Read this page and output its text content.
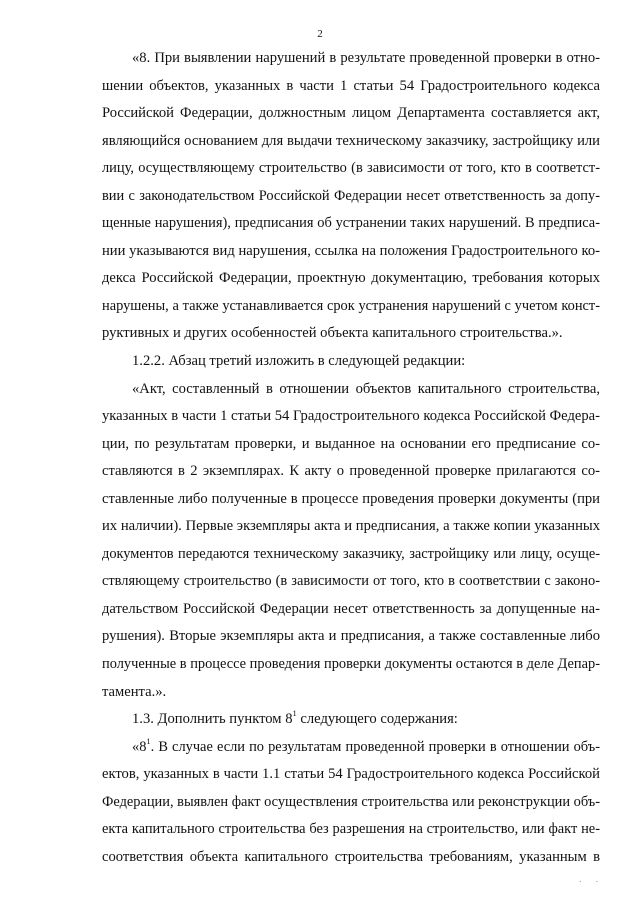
2
«8. При выявлении нарушений в результате проведенной проверки в отно-
шении объектов, указанных в части 1 статьи 54 Градостроительного кодекса
Российской Федерации, должностным лицом Департамента составляется акт,
являющийся основанием для выдачи техническому заказчику, застройщику или
лицу, осуществляющему строительство (в зависимости от того, кто в соответст-
вии с законодательством Российской Федерации несет ответственность за допу-
щенные нарушения), предписания об устранении таких нарушений. В предписа-
нии указываются вид нарушения, ссылка на положения Градостроительного ко-
декса Российской Федерации, проектную документацию, требования которых
нарушены, а также устанавливается срок устранения нарушений с учетом конст-
руктивных и других особенностей объекта капитального строительства.».
1.2.2. Абзац третий изложить в следующей редакции:
«Акт, составленный в отношении объектов капитального строительства,
указанных в части 1 статьи 54 Градостроительного кодекса Российской Федера-
ции, по результатам проверки, и выданное на основании его предписание со-
ставляются в 2 экземплярах. К акту о проведенной проверке прилагаются со-
ставленные либо полученные в процессе проведения проверки документы (при
их наличии). Первые экземпляры акта и предписания, а также копии указанных
документов передаются техническому заказчику, застройщику или лицу, осуще-
ствляющему строительство (в зависимости от того, кто в соответствии с законо-
дательством Российской Федерации несет ответственность за допущенные на-
рушения). Вторые экземпляры акта и предписания, а также составленные либо
полученные в процессе проведения проверки документы остаются в деле Депар-
тамента.».
1.3. Дополнить пунктом $8^1$ следующего содержания:
«$8^1$. В случае если по результатам проведенной проверки в отношении объ-
ектов, указанных в части 1.1 статьи 54 Градостроительного кодекса Российской
Федерации, выявлен факт осуществления строительства или реконструкции объ-
екта капитального строительства без разрешения на строительство, или факт не-
соответствия объекта капитального строительства требованиям, указанным в
. .
